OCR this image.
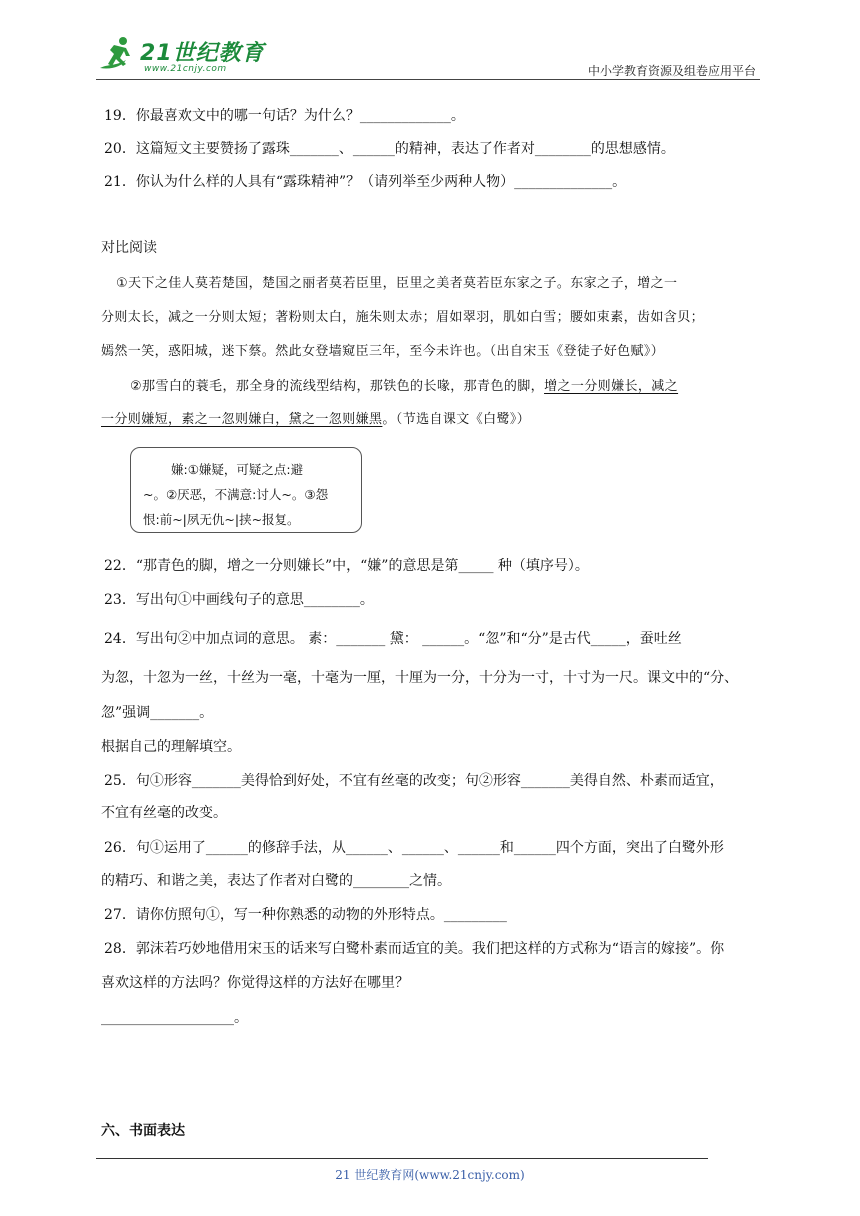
21世纪教育
www.21cnjy.com	中小学教育资源及组卷应用平台
19．你最喜欢文中的哪一句话？为什么？_____________。
20．这篇短文主要赞扬了露珠_______、______的精神，表达了作者对________的思想感情。
21．你认为什么样的人具有“露珠精神”？（请列举至少两种人物）______________。
对比阅读
①天下之佳人莫若楚国，楚国之丽者莫若臣里，臣里之美者莫若臣东家之子。东家之子，增之一
分则太长，减之一分则太短；著粉则太白，施朱则太赤；眉如翠羽，肌如白雪；腰如束素，齿如含贝；
嫣然一笑，惑阳城，迷下蔡。然此女登墙窥臣三年，至今未许也。（出自宋玉《登徒子好色赋》）
②那雪白的蓑毛，那全身的流线型结构，那铁色的长喙，那青色的脚，增之一分则嫌长，减之
一分则嫌短，素之一忽则嫌白，黛之一忽则嫌黑。（节选自课文《白鹭》）
嫌:①嫌疑，可疑之点:避
~。②厌恶，不满意:讨人~。③怨
恨:前~|夙无仇~|挟~报复。
22．“那青色的脚，增之一分则嫌长”中，“嫌”的意思是第_____ 种（填序号）。
23．写出句①中画线句子的意思________。
24．写出句②中加点词的意思。 素：_______ 黛： ______。“忽”和“分”是古代_____，蚕吐丝
为忽，十忽为一丝，十丝为一毫，十毫为一厘，十厘为一分，十分为一寸，十寸为一尺。课文中的“分、
忽”强调_______。
根据自己的理解填空。
25．句①形容_______美得恰到好处，不宜有丝毫的改变；句②形容_______美得自然、朴素而适宜，
不宜有丝毫的改变。
26．句①运用了______的修辞手法，从______、______、______和______四个方面，突出了白鹭外形
的精巧、和谐之美，表达了作者对白鹭的________之情。
27．请你仿照句①，写一种你熟悉的动物的外形特点。_________
28．郭沫若巧妙地借用宋玉的话来写白鹭朴素而适宜的美。我们把这样的方式称为“语言的嫁接”。你
喜欢这样的方法吗？你觉得这样的方法好在哪里？
___________________。
六、书面表达
21 世纪教育网(www.21cnjy.com)
